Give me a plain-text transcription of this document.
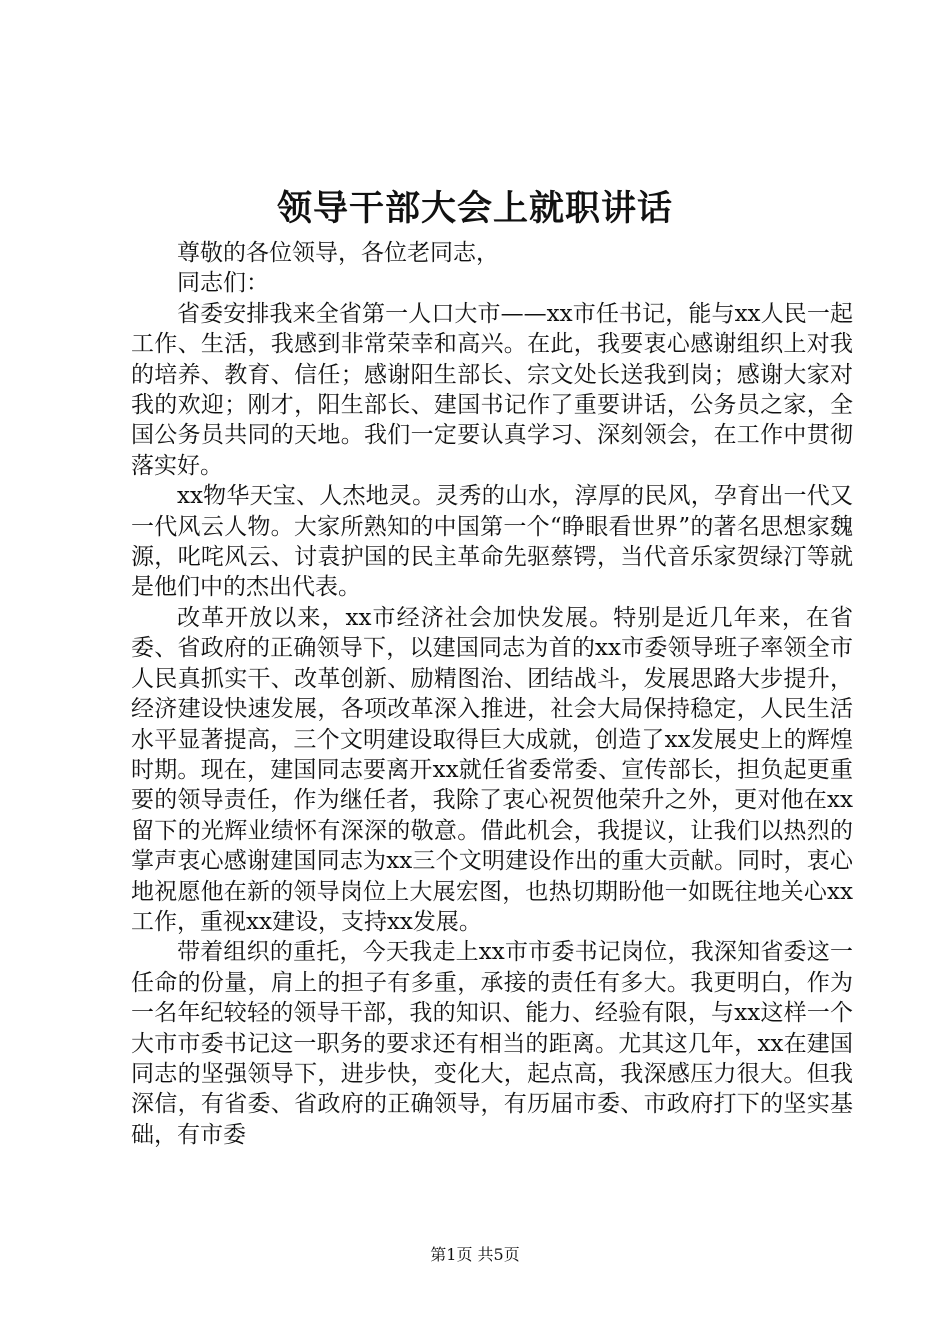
领导干部大会上就职讲话

尊敬的各位领导，各位老同志，

同志们：

省委安排我来全省第一人口大市——xx市任书记，能与xx人民一起工作、生活，我感到非常荣幸和高兴。在此，我要衷心感谢组织上对我的培养、教育、信任；感谢阳生部长、宗文处长送我到岗；感谢大家对我的欢迎；刚才，阳生部长、建国书记作了重要讲话，公务员之家，全国公务员共同的天地。我们一定要认真学习、深刻领会，在工作中贯彻落实好。

xx物华天宝、人杰地灵。灵秀的山水，淳厚的民风，孕育出一代又一代风云人物。大家所熟知的中国第一个“睁眼看世界”的著名思想家魏源，叱咤风云、讨袁护国的民主革命先驱蔡锷，当代音乐家贺绿汀等就是他们中的杰出代表。

改革开放以来，xx市经济社会加快发展。特别是近几年来，在省委、省政府的正确领导下，以建国同志为首的xx市委领导班子率领全市人民真抓实干、改革创新、励精图治、团结战斗，发展思路大步提升，经济建设快速发展，各项改革深入推进，社会大局保持稳定，人民生活水平显著提高，三个文明建设取得巨大成就，创造了xx发展史上的辉煌时期。现在，建国同志要离开xx就任省委常委、宣传部长，担负起更重要的领导责任，作为继任者，我除了衷心祝贺他荣升之外，更对他在xx留下的光辉业绩怀有深深的敬意。借此机会，我提议，让我们以热烈的掌声衷心感谢建国同志为xx三个文明建设作出的重大贡献。同时，衷心地祝愿他在新的领导岗位上大展宏图，也热切期盼他一如既往地关心xx工作，重视xx建设，支持xx发展。

带着组织的重托，今天我走上xx市市委书记岗位，我深知省委这一任命的份量，肩上的担子有多重，承接的责任有多大。我更明白，作为一名年纪较轻的领导干部，我的知识、能力、经验有限，与xx这样一个大市市委书记这一职务的要求还有相当的距离。尤其这几年，xx在建国同志的坚强领导下，进步快，变化大，起点高，我深感压力很大。但我深信，有省委、省政府的正确领导，有历届市委、市政府打下的坚实基础，有市委

第1页 共5页
